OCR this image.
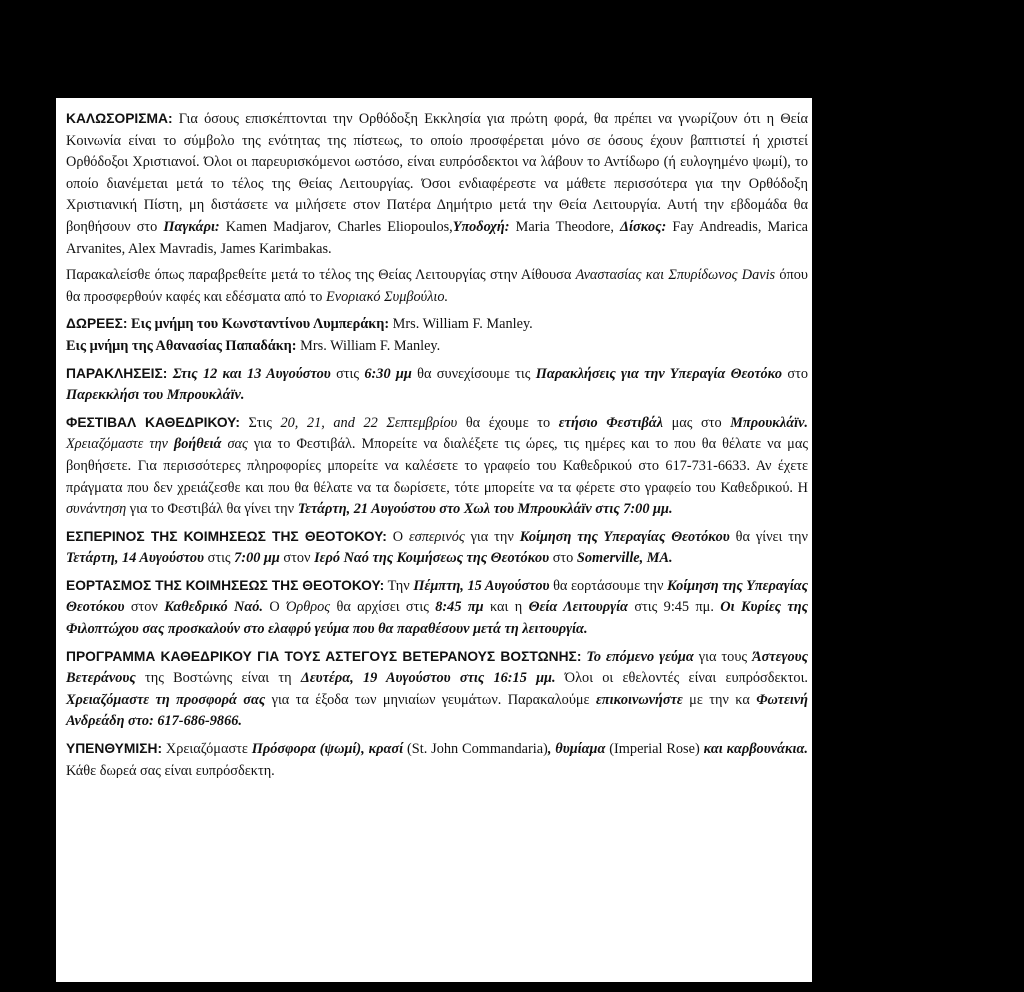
ΚΑΛΩΣΟΡΙΣΜΑ: Για όσους επισκέπτονται την Ορθόδοξη Εκκλησία για πρώτη φορά, θα πρέπει να γνωρίζουν ότι η Θεία Κοινωνία είναι το σύμβολο της ενότητας της πίστεως, το οποίο προσφέρεται μόνο σε όσους έχουν βαπτιστεί ή χριστεί Ορθόδοξοι Χριστιανοί. Όλοι οι παρευρισκόμενοι ωστόσο, είναι ευπρόσδεκτοι να λάβουν το Αντίδωρο (ή ευλογημένο ψωμί), το οποίο διανέμεται μετά το τέλος της Θείας Λειτουργίας. Όσοι ενδιαφέρεστε να μάθετε περισσότερα για την Ορθόδοξη Χριστιανική Πίστη, μη διστάσετε να μιλήσετε στον Πατέρα Δημήτριο μετά την Θεία Λειτουργία. Αυτή την εβδομάδα θα βοηθήσουν στο Παγκάρι: Kamen Madjarov, Charles Eliopoulos,Υποδοχή: Maria Theodore, Δίσκος: Fay Andreadis, Marica Arvanites, Alex Mavradis, James Karimbakas.

Παρακαλείσθε όπως παραβρεθείτε μετά το τέλος της Θείας Λειτουργίας στην Αίθουσα Αναστασίας και Σπυρίδωνος Davis όπου θα προσφερθούν καφές και εδέσματα από το Ενοριακό Συμβούλιο.

ΔΩΡΕΕΣ: Εις μνήμη του Κωνσταντίνου Λυμπεράκη: Mrs. William F. Manley.
Εις μνήμη της Αθανασίας Παπαδάκη: Mrs. William F. Manley.

ΠΑΡΑΚΛΗΣΕΙΣ: Στις 12 και 13 Αυγούστου στις 6:30 μμ θα συνεχίσουμε τις Παρακλήσεις για την Υπεραγία Θεοτόκο στο Παρεκκλήσι του Μπρουκλάϊν.

ΦΕΣΤΙΒΑΛ ΚΑΘΕΔΡΙΚΟΥ: Στις 20, 21, and 22 Σεπτεμβρίου θα έχουμε το ετήσιο Φεστιβάλ μας στο Μπρουκλάϊν. Χρειαζόμαστε την βοήθειά σας για το Φεστιβάλ. Μπορείτε να διαλέξετε τις ώρες, τις ημέρες και το που θα θέλατε να μας βοηθήσετε. Για περισσότερες πληροφορίες μπορείτε να καλέσετε το γραφείο του Καθεδρικού στο 617-731-6633. Αν έχετε πράγματα που δεν χρειάζεσθε και που θα θέλατε να τα δωρίσετε, τότε μπορείτε να τα φέρετε στο γραφείο του Καθεδρικού. Η συνάντηση για το Φεστιβάλ θα γίνει την Τετάρτη, 21 Αυγούστου στο Χωλ του Μπρουκλάϊν στις 7:00 μμ.

ΕΣΠΕΡΙΝΟΣ ΤΗΣ ΚΟΙΜΗΣΕΩΣ ΤΗΣ ΘΕΟΤΟΚΟΥ: Ο εσπερινός για την Κοίμηση της Υπεραγίας Θεοτόκου θα γίνει την Τετάρτη, 14 Αυγούστου στις 7:00 μμ στον Ιερό Ναό της Κοιμήσεως της Θεοτόκου στο Somerville, MA.

ΕΟΡΤΑΣΜΟΣ ΤΗΣ ΚΟΙΜΗΣΕΩΣ ΤΗΣ ΘΕΟΤΟΚΟΥ: Την Πέμπτη, 15 Αυγούστου θα εορτάσουμε την Κοίμηση της Υπεραγίας Θεοτόκου στον Καθεδρικό Ναό. Ο Όρθρος θα αρχίσει στις 8:45 πμ και η Θεία Λειτουργία στις 9:45 πμ. Οι Κυρίες της Φιλοπτώχου σας προσκαλούν στο ελαφρύ γεύμα που θα παραθέσουν μετά τη λειτουργία.

ΠΡΟΓΡΑΜΜΑ ΚΑΘΕΔΡΙΚΟΥ ΓΙΑ ΤΟΥΣ ΑΣΤΕΓΟΥΣ ΒΕΤΕΡΑΝΟΥΣ ΒΟΣΤΩΝΗΣ: Το επόμενο γεύμα για τους Άστεγους Βετεράνους της Βοστώνης είναι τη Δευτέρα, 19 Αυγούστου στις 16:15 μμ. Όλοι οι εθελοντές είναι ευπρόσδεκτοι. Χρειαζόμαστε τη προσφορά σας για τα έξοδα των μηνιαίων γευμάτων. Παρακαλούμε επικοινωνήστε με την κα Φωτεινή Ανδρεάδη στο: 617-686-9866.

ΥΠΕΝΘΥΜΙΣΗ: Χρειαζόμαστε Πρόσφορα (ψωμί), κρασί (St. John Commandaria), θυμίαμα (Imperial Rose) και καρβουνάκια. Κάθε δωρεά σας είναι ευπρόσδεκτη.
